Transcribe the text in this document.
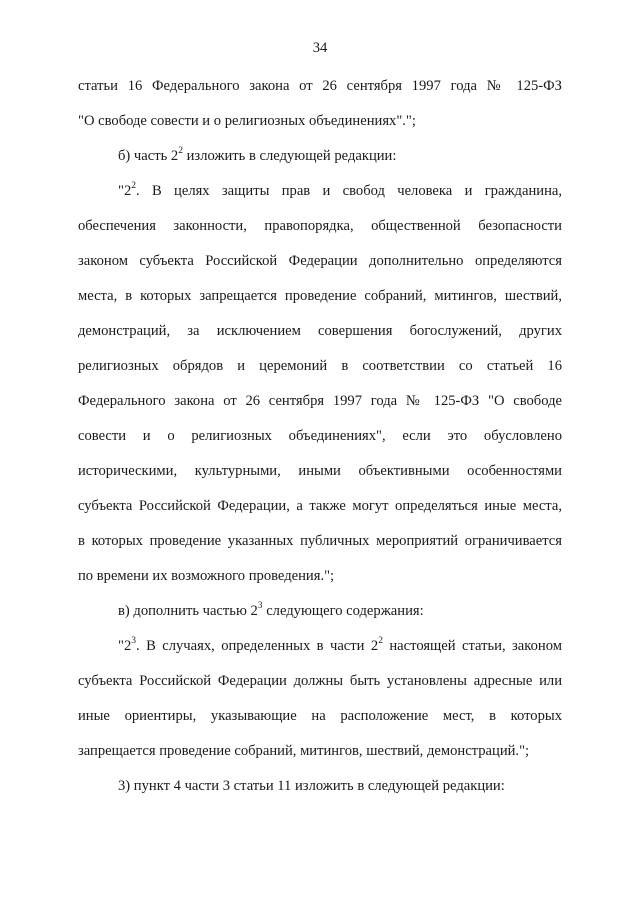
34
статьи 16 Федерального закона от 26 сентября 1997 года № 125-ФЗ
"О свободе совести и о религиозных объединениях".";
б) часть $2^2$ изложить в следующей редакции:
"$2^2$. В целях защиты прав и свобод человека и гражданина,
обеспечения законности, правопорядка, общественной безопасности
законом субъекта Российской Федерации дополнительно определяются
места, в которых запрещается проведение собраний, митингов, шествий,
демонстраций, за исключением совершения богослужений, других
религиозных обрядов и церемоний в соответствии со статьей 16
Федерального закона от 26 сентября 1997 года № 125-ФЗ "О свободе
совести и о религиозных объединениях", если это обусловлено
историческими, культурными, иными объективными особенностями
субъекта Российской Федерации, а также могут определяться иные места,
в которых проведение указанных публичных мероприятий ограничивается
по времени их возможного проведения.";
в) дополнить частью $2^3$ следующего содержания:
"$2^3$. В случаях, определенных в части $2^2$ настоящей статьи, законом
субъекта Российской Федерации должны быть установлены адресные или
иные ориентиры, указывающие на расположение мест, в которых
запрещается проведение собраний, митингов, шествий, демонстраций.";
3) пункт 4 части 3 статьи 11 изложить в следующей редакции:
